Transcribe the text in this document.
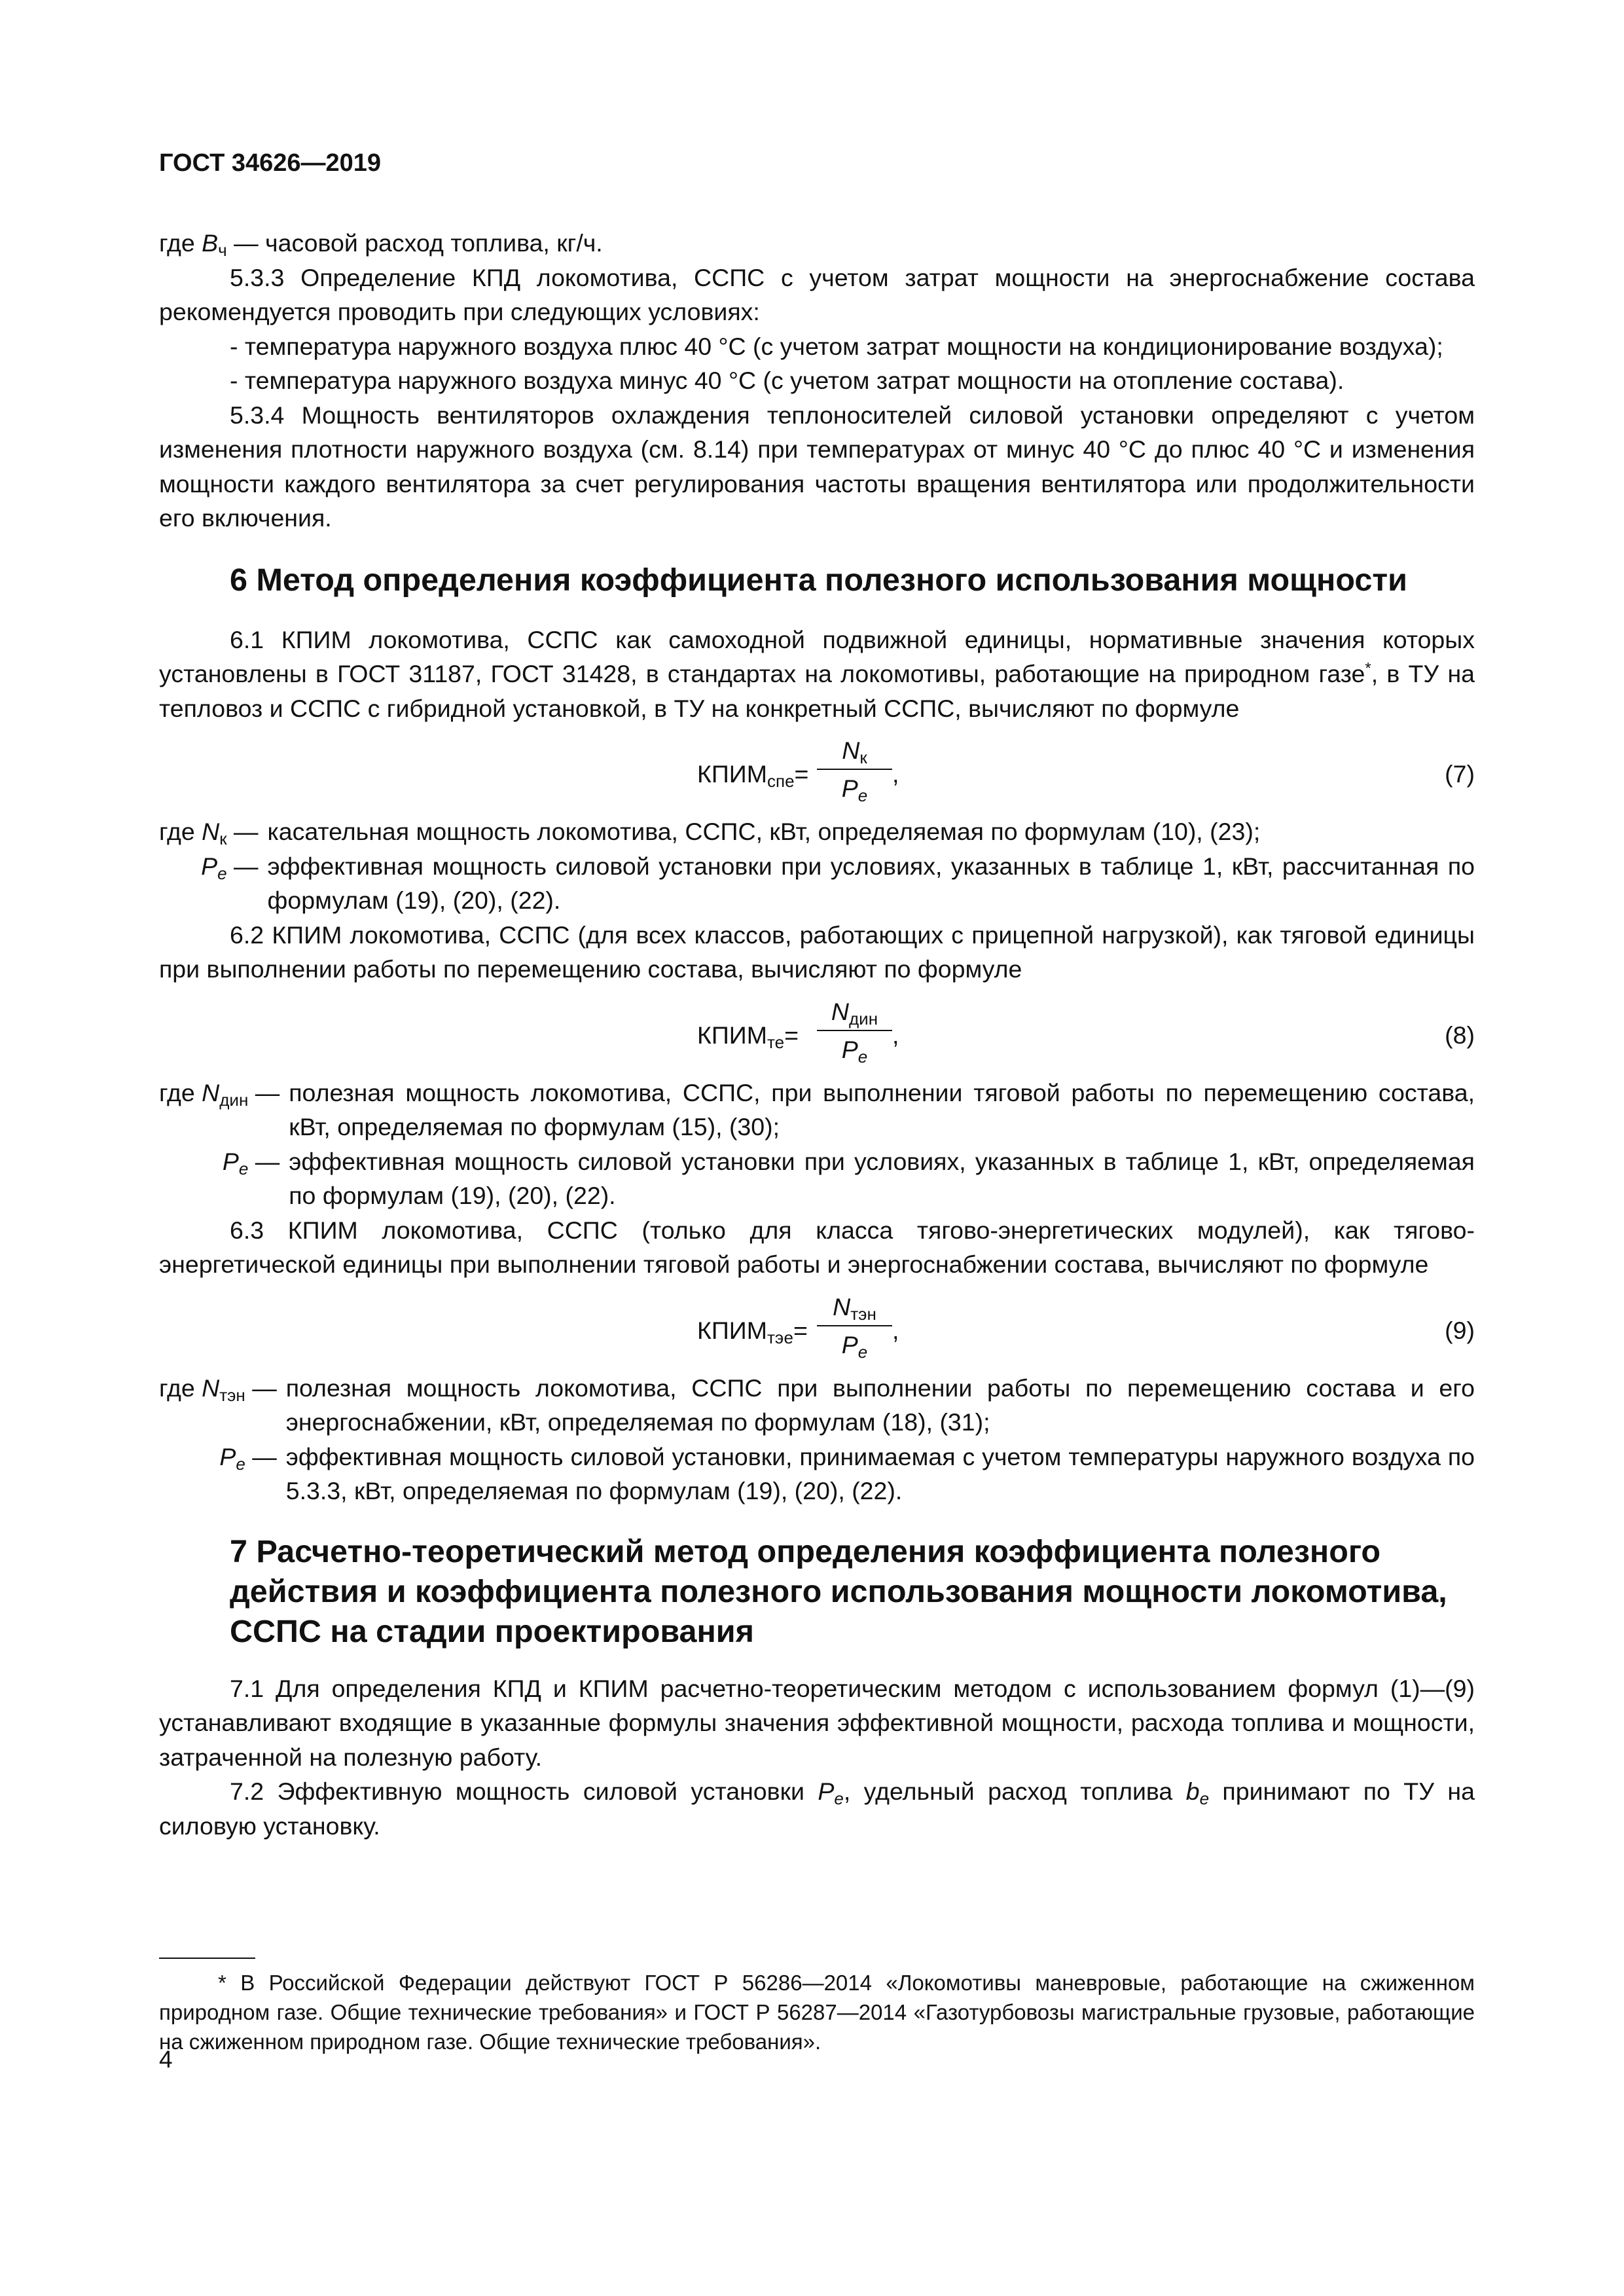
ГОСТ 34626—2019

где $B_ч$ — часовой расход топлива, кг/ч.

5.3.3 Определение КПД локомотива, ССПС с учетом затрат мощности на энергоснабжение состава рекомендуется проводить при следующих условиях:

- температура наружного воздуха плюс 40 °С (с учетом затрат мощности на кондиционирование воздуха);

- температура наружного воздуха минус 40 °С (с учетом затрат мощности на отопление состава).

5.3.4 Мощность вентиляторов охлаждения теплоносителей силовой установки определяют с учетом изменения плотности наружного воздуха (см. 8.14) при температурах от минус 40 °С до плюс 40 °С и изменения мощности каждого вентилятора за счет регулирования частоты вращения вентилятора или продолжительности его включения.

6 Метод определения коэффициента полезного использования мощности

6.1 КПИМ локомотива, ССПС как самоходной подвижной единицы, нормативные значения которых установлены в ГОСТ 31187, ГОСТ 31428, в стандартах на локомотивы, работающие на природном газе*, в ТУ на тепловоз и ССПС с гибридной установкой, в ТУ на конкретный ССПС, вычисляют по формуле

$КПИМ_{спе}=$
$N_к$
$P_e$
,	(7)
где $N_к$ — касательная мощность локомотива, ССПС, кВт, определяемая по формулам (10), (23);
$P_e$ — эффективная мощность силовой установки при условиях, указанных в таблице 1, кВт, рассчитанная по формулам (19), (20), (22).

6.2 КПИМ локомотива, ССПС (для всех классов, работающих с прицепной нагрузкой), как тяговой единицы при выполнении работы по перемещению состава, вычисляют по формуле

$КПИМ_{те}=$
$N_{дин}$
$P_e$
,	(8)
где $N_{дин}$ — полезная мощность локомотива, ССПС, при выполнении тяговой работы по перемещению состава, кВт, определяемая по формулам (15), (30);
$P_e$ — эффективная мощность силовой установки при условиях, указанных в таблице 1, кВт, определяемая по формулам (19), (20), (22).

6.3 КПИМ локомотива, ССПС (только для класса тягово-энергетических модулей), как тягово-энергетической единицы при выполнении тяговой работы и энергоснабжении состава, вычисляют по формуле

$КПИМ_{тэе}=$
$N_{тэн}$
$P_e$
,	(9)
где $N_{тэн}$ — полезная мощность локомотива, ССПС при выполнении работы по перемещению состава и его энергоснабжении, кВт, определяемая по формулам (18), (31);
$P_e$ — эффективная мощность силовой установки, принимаемая с учетом температуры наружного воздуха по 5.3.3, кВт, определяемая по формулам (19), (20), (22).
7 Расчетно-теоретический метод определения коэффициента полезного действия и коэффициента полезного использования мощности локомотива, ССПС на стадии проектирования

7.1 Для определения КПД и КПИМ расчетно-теоретическим методом с использованием формул (1)—(9) устанавливают входящие в указанные формулы значения эффективной мощности, расхода топлива и мощности, затраченной на полезную работу.

7.2 Эффективную мощность силовой установки $P_e$, удельный расход топлива $b_e$ принимают по ТУ на силовую установку.

* В Российской Федерации действуют ГОСТ Р 56286—2014 «Локомотивы маневровые, работающие на сжиженном природном газе. Общие технические требования» и ГОСТ Р 56287—2014 «Газотурбовозы магистральные грузовые, работающие на сжиженном природном газе. Общие технические требования».
4
